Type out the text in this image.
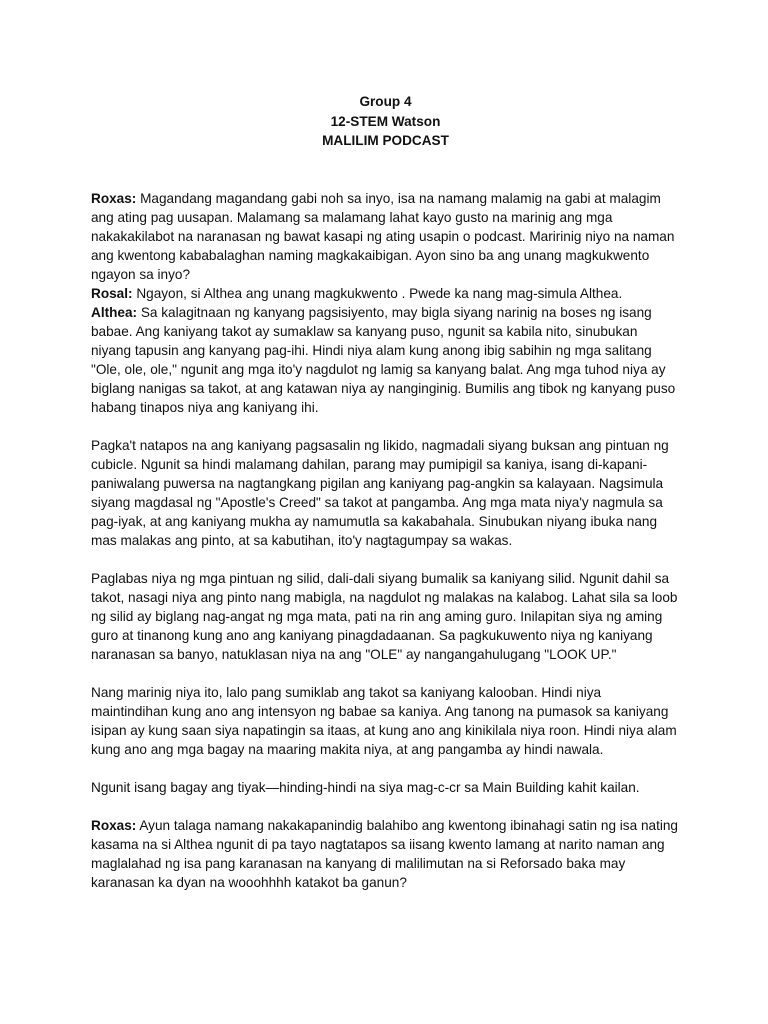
Group 4
12-STEM Watson
MALILIM PODCAST

Roxas: Magandang magandang gabi noh sa inyo, isa na namang malamig na gabi at malagim ang ating pag uusapan. Malamang sa malamang lahat kayo gusto na marinig ang mga nakakakilabot na naranasan ng bawat kasapi ng ating usapin o podcast. Maririnig niyo na naman ang kwentong kababalaghan naming magkakaibigan. Ayon sino ba ang unang magkukwento ngayon sa inyo?

Rosal: Ngayon, si Althea ang unang magkukwento . Pwede ka nang mag-simula Althea.

Althea: Sa kalagitnaan ng kanyang pagsisiyento, may bigla siyang narinig na boses ng isang babae. Ang kaniyang takot ay sumaklaw sa kanyang puso, ngunit sa kabila nito, sinubukan niyang tapusin ang kanyang pag-ihi. Hindi niya alam kung anong ibig sabihin ng mga salitang "Ole, ole, ole," ngunit ang mga ito'y nagdulot ng lamig sa kanyang balat. Ang mga tuhod niya ay biglang nanigas sa takot, at ang katawan niya ay nanginginig. Bumilis ang tibok ng kanyang puso habang tinapos niya ang kaniyang ihi.

Pagka't natapos na ang kaniyang pagsasalin ng likido, nagmadali siyang buksan ang pintuan ng cubicle. Ngunit sa hindi malamang dahilan, parang may pumipigil sa kaniya, isang di-kapani-paniwalang puwersa na nagtangkang pigilan ang kaniyang pag-angkin sa kalayaan. Nagsimula siyang magdasal ng "Apostle's Creed" sa takot at pangamba. Ang mga mata niya'y nagmula sa pag-iyak, at ang kaniyang mukha ay namumutla sa kakabahala. Sinubukan niyang ibuka nang mas malakas ang pinto, at sa kabutihan, ito'y nagtagumpay sa wakas.

Paglabas niya ng mga pintuan ng silid, dali-dali siyang bumalik sa kaniyang silid. Ngunit dahil sa takot, nasagi niya ang pinto nang mabigla, na nagdulot ng malakas na kalabog. Lahat sila sa loob ng silid ay biglang nag-angat ng mga mata, pati na rin ang aming guro. Inilapitan siya ng aming guro at tinanong kung ano ang kaniyang pinagdadaanan. Sa pagkukuwento niya ng kaniyang naranasan sa banyo, natuklasan niya na ang "OLE" ay nangangahulugang "LOOK UP."

Nang marinig niya ito, lalo pang sumiklab ang takot sa kaniyang kalooban. Hindi niya maintindihan kung ano ang intensyon ng babae sa kaniya. Ang tanong na pumasok sa kaniyang isipan ay kung saan siya napatingin sa itaas, at kung ano ang kinikilala niya roon. Hindi niya alam kung ano ang mga bagay na maaring makita niya, at ang pangamba ay hindi nawala.

Ngunit isang bagay ang tiyak—hinding-hindi na siya mag-c-cr sa Main Building kahit kailan.

Roxas: Ayun talaga namang nakakapanindig balahibo ang kwentong ibinahagi satin ng isa nating kasama na si Althea ngunit di pa tayo nagtatapos sa iisang kwento lamang at narito naman ang maglalahad ng isa pang karanasan na kanyang di malilimutan na si Reforsado baka may karanasan ka dyan na wooohhhh katakot ba ganun?
